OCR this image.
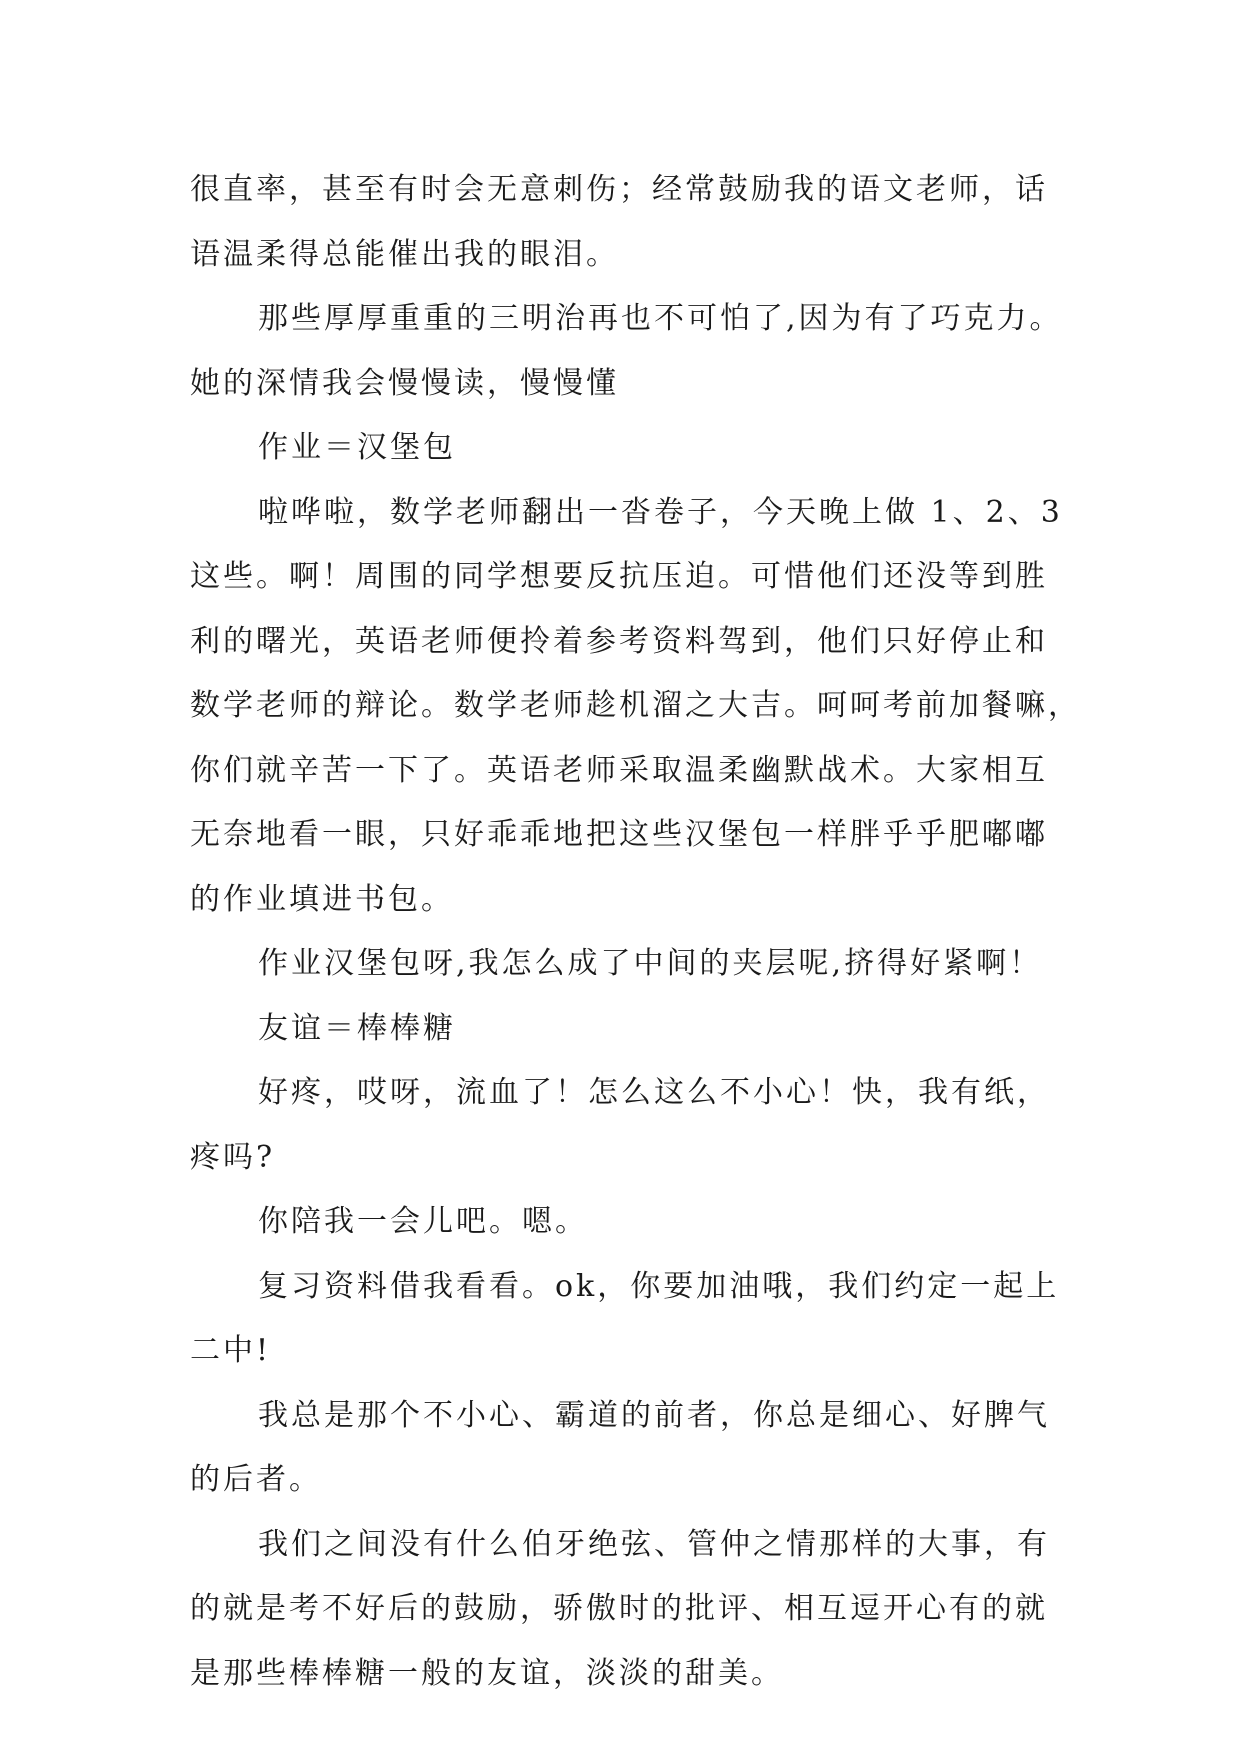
很直率，甚至有时会无意刺伤；经常鼓励我的语文老师，话
语温柔得总能催出我的眼泪。
那些厚厚重重的三明治再也不可怕了,因为有了巧克力。
她的深情我会慢慢读，慢慢懂
作业＝汉堡包
啦哗啦，数学老师翻出一沓卷子，今天晚上做 1、2、3
这些。啊！周围的同学想要反抗压迫。可惜他们还没等到胜
利的曙光，英语老师便拎着参考资料驾到，他们只好停止和
数学老师的辩论。数学老师趁机溜之大吉。呵呵考前加餐嘛，
你们就辛苦一下了。英语老师采取温柔幽默战术。大家相互
无奈地看一眼，只好乖乖地把这些汉堡包一样胖乎乎肥嘟嘟
的作业填进书包。
作业汉堡包呀,我怎么成了中间的夹层呢,挤得好紧啊！
友谊＝棒棒糖
好疼，哎呀，流血了！怎么这么不小心！快，我有纸，
疼吗?
你陪我一会儿吧。嗯。
复习资料借我看看。ok，你要加油哦，我们约定一起上
二中!
我总是那个不小心、霸道的前者，你总是细心、好脾气
的后者。
我们之间没有什么伯牙绝弦、管仲之情那样的大事，有
的就是考不好后的鼓励，骄傲时的批评、相互逗开心有的就
是那些棒棒糖一般的友谊，淡淡的甜美。
